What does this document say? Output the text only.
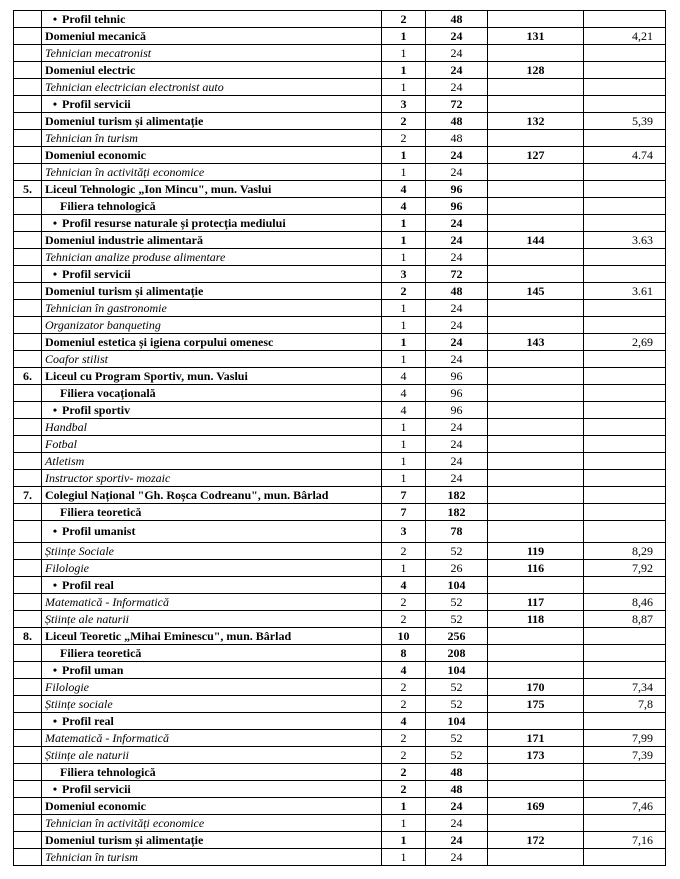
	• Profil tehnic	2	48		
	Domeniul mecanică	1	24	131	4,21
	Tehnician mecatronist	1	24		
	Domeniul electric	1	24	128	
	Tehnician electrician electronist auto	1	24		
	• Profil servicii	3	72		
	Domeniul turism și alimentație	2	48	132	5,39
	Tehnician în turism	2	48		
	Domeniul economic	1	24	127	4.74
	Tehnician în activități economice	1	24		
5.	Liceul Tehnologic „Ion Mincu", mun. Vaslui	4	96		
	Filiera tehnologică	4	96		
	• Profil resurse naturale și protecția mediului	1	24		
	Domeniul industrie alimentară	1	24	144	3.63
	Tehnician analize produse alimentare	1	24		
	• Profil servicii	3	72		
	Domeniul turism și alimentație	2	48	145	3.61
	Tehnician în gastronomie	1	24		
	Organizator banqueting	1	24		
	Domeniul estetica și igiena corpului omenesc	1	24	143	2,69
	Coafor stilist	1	24		
6.	Liceul cu Program Sportiv, mun. Vaslui	4	96		
	Filiera vocațională	4	96		
	• Profil sportiv	4	96		
	Handbal	1	24		
	Fotbal	1	24		
	Atletism	1	24		
	Instructor sportiv- mozaic	1	24		
7.	Colegiul Național "Gh. Roșca Codreanu", mun. Bârlad	7	182		
	Filiera teoretică	7	182		
	• Profil umanist	3	78		
	Științe Sociale	2	52	119	8,29
	Filologie	1	26	116	7,92
	• Profil real	4	104		
	Matematică - Informatică	2	52	117	8,46
	Științe ale naturii	2	52	118	8,87
8.	Liceul Teoretic „Mihai Eminescu", mun. Bârlad	10	256		
	Filiera teoretică	8	208		
	• Profil uman	4	104		
	Filologie	2	52	170	7,34
	Științe sociale	2	52	175	7,8
	• Profil real	4	104		
	Matematică - Informatică	2	52	171	7,99
	Științe ale naturii	2	52	173	7,39
	Filiera tehnologică	2	48		
	• Profil servicii	2	48		
	Domeniul economic	1	24	169	7,46
	Tehnician în activități economice	1	24		
	Domeniul turism și alimentație	1	24	172	7,16
	Tehnician în turism	1	24		
